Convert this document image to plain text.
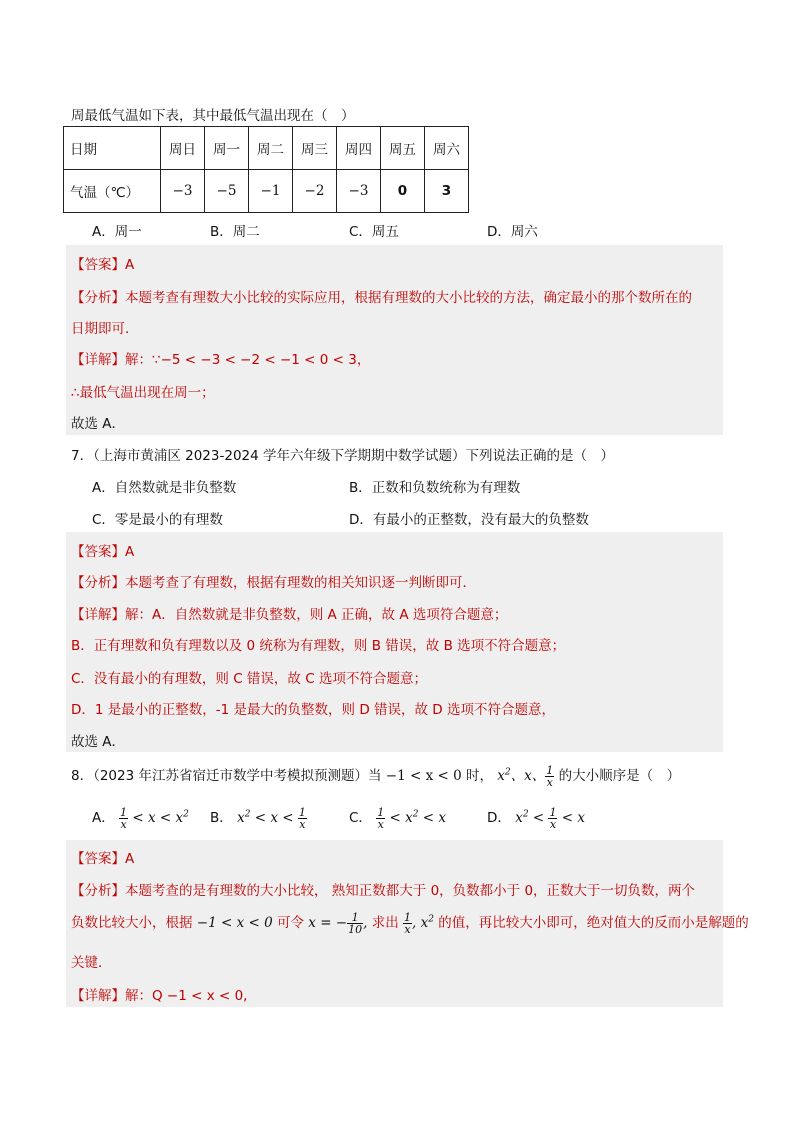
周最低气温如下表，其中最低气温出现在（　）
日期	周日	周一	周二	周三	周四	周五	周六
气温（℃）	−3	−5	−1	−2	−3	0	3
A．周一	B．周二	C．周五	D．周六
【答案】A
【分析】本题考查有理数大小比较的实际应用，根据有理数的大小比较的方法，确定最小的那个数所在的
日期即可．
【详解】解：∵−5 < −3 < −2 < −1 < 0 < 3，
∴最低气温出现在周一；
故选 A．
7．（上海市黄浦区 2023-2024 学年六年级下学期期中数学试题）下列说法正确的是（　）
A．自然数就是非负整数	B．正数和负数统称为有理数
C．零是最小的有理数	D．有最小的正整数，没有最大的负整数
【答案】A
【分析】本题考查了有理数，根据有理数的相关知识逐一判断即可．
【详解】解：A．自然数就是非负整数，则 A 正确，故 A 选项符合题意；
B．正有理数和负有理数以及 0 统称为有理数，则 B 错误，故 B 选项不符合题意；
C．没有最小的有理数，则 C 错误，故 C 选项不符合题意；
D．1 是最小的正整数，-1 是最大的负整数，则 D 错误，故 D 选项不符合题意，
故选 A．
8．（2023 年江苏省宿迁市数学中考模拟预测题）当 −1 < x < 0 时， $x^2$、x、 $\frac{1}{x}$ 的大小顺序是（　）
A． $\frac{1}{x} < x < x^2$ B． $x^2 < x < \frac{1}{x}$	C． $\frac{1}{x} < x^2 < x$	D． $x^2 < \frac{1}{x} < x$
【答案】A
【分析】本题考查的是有理数的大小比较， 熟知正数都大于 0，负数都小于 0，正数大于一切负数，两个
负数比较大小，根据 −1 < x < 0 可令 x = − $\frac{1}{10}$ , 求出 $\frac{1}{x}$ , $x^2$ 的值，再比较大小即可，绝对值大的反而小是解题的
关键．
【详解】解：Q −1 < x < 0,
